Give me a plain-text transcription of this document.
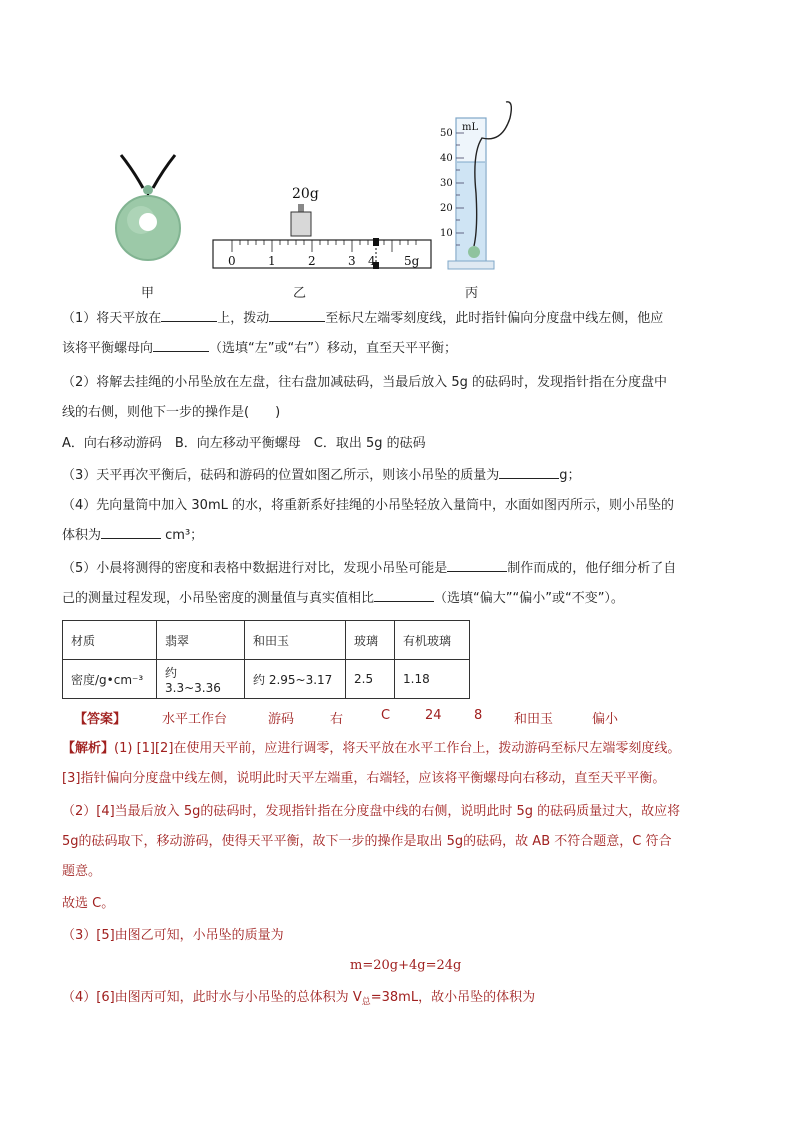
甲
20g
0	1	2	3 4 5g
乙
50
40
30
20
10
mL
丙
（1）将天平放在	上，拨动	至标尺左端零刻度线，此时指针偏向分度盘中线左侧，他应
该将平衡螺母向	（选填“左”或“右”）移动，直至天平平衡；
（2）将解去挂绳的小吊坠放在左盘，往右盘加减砝码，当最后放入 5g 的砝码时，发现指针指在分度盘中
线的右侧，则他下一步的操作是(　　)
A．向右移动游码　B．向左移动平衡螺母　C．取出 5g 的砝码
（3）天平再次平衡后，砝码和游码的位置如图乙所示，则该小吊坠的质量为	g；
（4）先向量筒中加入 30mL 的水，将重新系好挂绳的小吊坠轻放入量筒中，水面如图丙所示，则小吊坠的
体积为	cm³；
（5）小晨将测得的密度和表格中数据进行对比，发现小吊坠可能是	制作而成的，他仔细分析了自
己的测量过程发现，小吊坠密度的测量值与真实值相比	（选填“偏大”“偏小”或“不变”）。
材质	翡翠	和田玉	玻璃	有机玻璃
密度/g•cm⁻³	约 3.3~3.36	约 2.95~3.17	2.5	1.18
【答案】	水平工作台	游码	右	C	24 8 和田玉	偏小
【解析】(1) [1][2]在使用天平前，应进行调零，将天平放在水平工作台上，拨动游码至标尺左端零刻度线。
[3]指针偏向分度盘中线左侧，说明此时天平左端重，右端轻，应该将平衡螺母向右移动，直至天平平衡。
（2）[4]当最后放入 5g的砝码时，发现指针指在分度盘中线的右侧，说明此时 5g 的砝码质量过大，故应将
5g的砝码取下，移动游码，使得天平平衡，故下一步的操作是取出 5g的砝码，故 AB 不符合题意，C 符合
题意。
故选 C。
（3）[5]由图乙可知，小吊坠的质量为
m=20g+4g=24g
（4）[6]由图丙可知，此时水与小吊坠的总体积为 $V_总=38mL$，故小吊坠的体积为
